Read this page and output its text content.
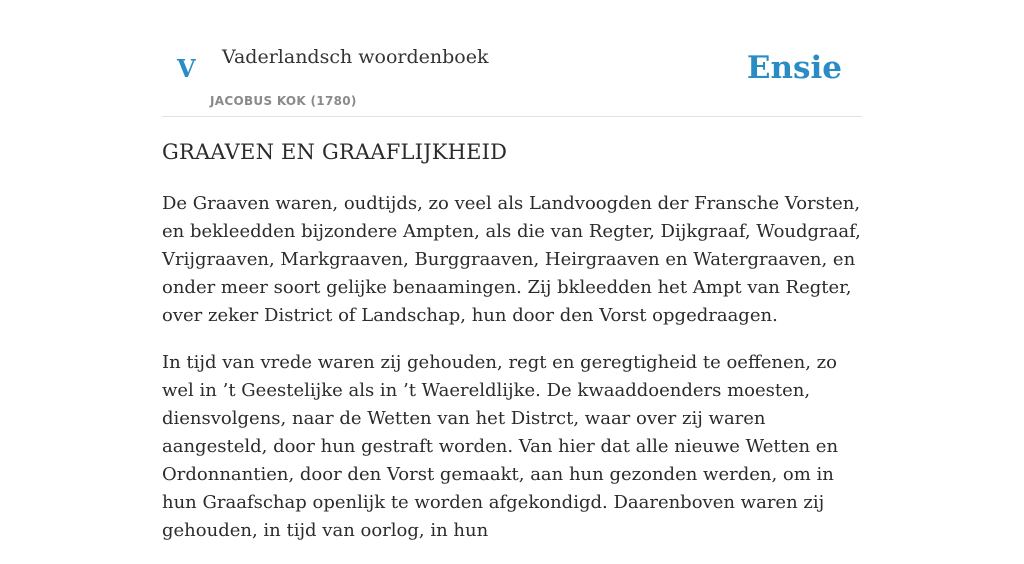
V Vaderlandsch woordenboek
JACOBUS KOK (1780)
Ensie
GRAAVEN EN GRAAFLIJKHEID

De Graaven waren, oudtijds, zo veel als Landvoogden der Fransche Vorsten, en bekleedden bijzondere Ampten, als die van Regter, Dijkgraaf, Woudgraaf, Vrijgraaven, Markgraaven, Burggraaven, Heirgraaven en Watergraaven, en onder meer soort gelijke benaamingen. Zij bkleedden het Ampt van Regter, over zeker District of Landschap, hun door den Vorst opgedraagen.

In tijd van vrede waren zij gehouden, regt en geregtigheid te oeffenen, zo wel in ’t Geestelijke als in ’t Waereldlijke. De kwaaddoenders moesten, diensvolgens, naar de Wetten van het Distrct, waar over zij waren aangesteld, door hun gestraft worden. Van hier dat alle nieuwe Wetten en Ordonnantien, door den Vorst gemaakt, aan hun gezonden werden, om in hun Graafschap openlijk te worden afgekondigd. Daarenboven waren zij gehouden, in tijd van oorlog, in hun
